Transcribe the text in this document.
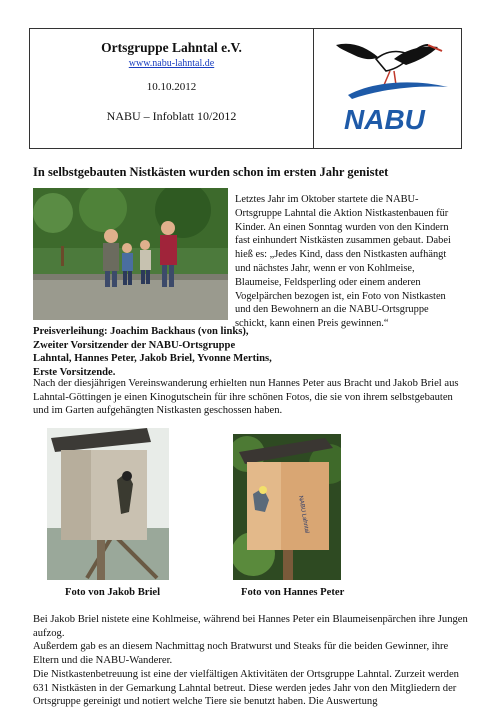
Ortsgruppe Lahntal e.V.
www.nabu-lahntal.de
10.10.2012
NABU – Infoblatt 10/2012	NABU
In selbstgebauten Nistkästen wurden schon im ersten Jahr genistet

Letztes Jahr im Oktober startete die NABU-Ortsgruppe Lahntal die Aktion Nistkastenbauen für Kinder. An einen Sonntag wurden von den Kindern fast einhundert Nistkästen zusammen gebaut. Dabei hieß es: „Jedes Kind, dass den Nistkasten aufhängt und nächstes Jahr, wenn er von Kohlmeise, Blaumeise, Feldsperling oder einem anderen Vogelpärchen bezogen ist, ein Foto von Nistkasten und den Bewohnern an die NABU-Ortsgruppe schickt, kann einen Preis gewinnen.“

Preisverleihung: Joachim Backhaus (von links), Zweiter Vorsitzender der NABU-Ortsgruppe Lahntal, Hannes Peter, Jakob Briel, Yvonne Mertins, Erste Vorsitzende.

Nach der diesjährigen Vereinswanderung erhielten nun Hannes Peter aus Bracht und Jakob Briel aus Lahntal-Göttingen je einen Kinogutschein für ihre schönen Fotos, die sie von ihrem selbstgebauten und im Garten aufgehängten Nistkasten geschossen haben.

NABU Lahntal
Foto von Jakob Briel	Foto von Hannes Peter

Bei Jakob Briel nistete eine Kohlmeise, während bei Hannes Peter ein Blaumeisenpärchen ihre Jungen aufzog.
Außerdem gab es an diesem Nachmittag noch Bratwurst und Steaks für die beiden Gewinner, ihre Eltern und die NABU-Wanderer.
Die Nistkastenbetreuung ist eine der vielfältigen Aktivitäten der Ortsgruppe Lahntal. Zurzeit werden 631 Nistkästen in der Gemarkung Lahntal betreut. Diese werden jedes Jahr von den Mitgliedern der Ortsgruppe gereinigt und notiert welche Tiere sie benutzt haben. Die Auswertung
